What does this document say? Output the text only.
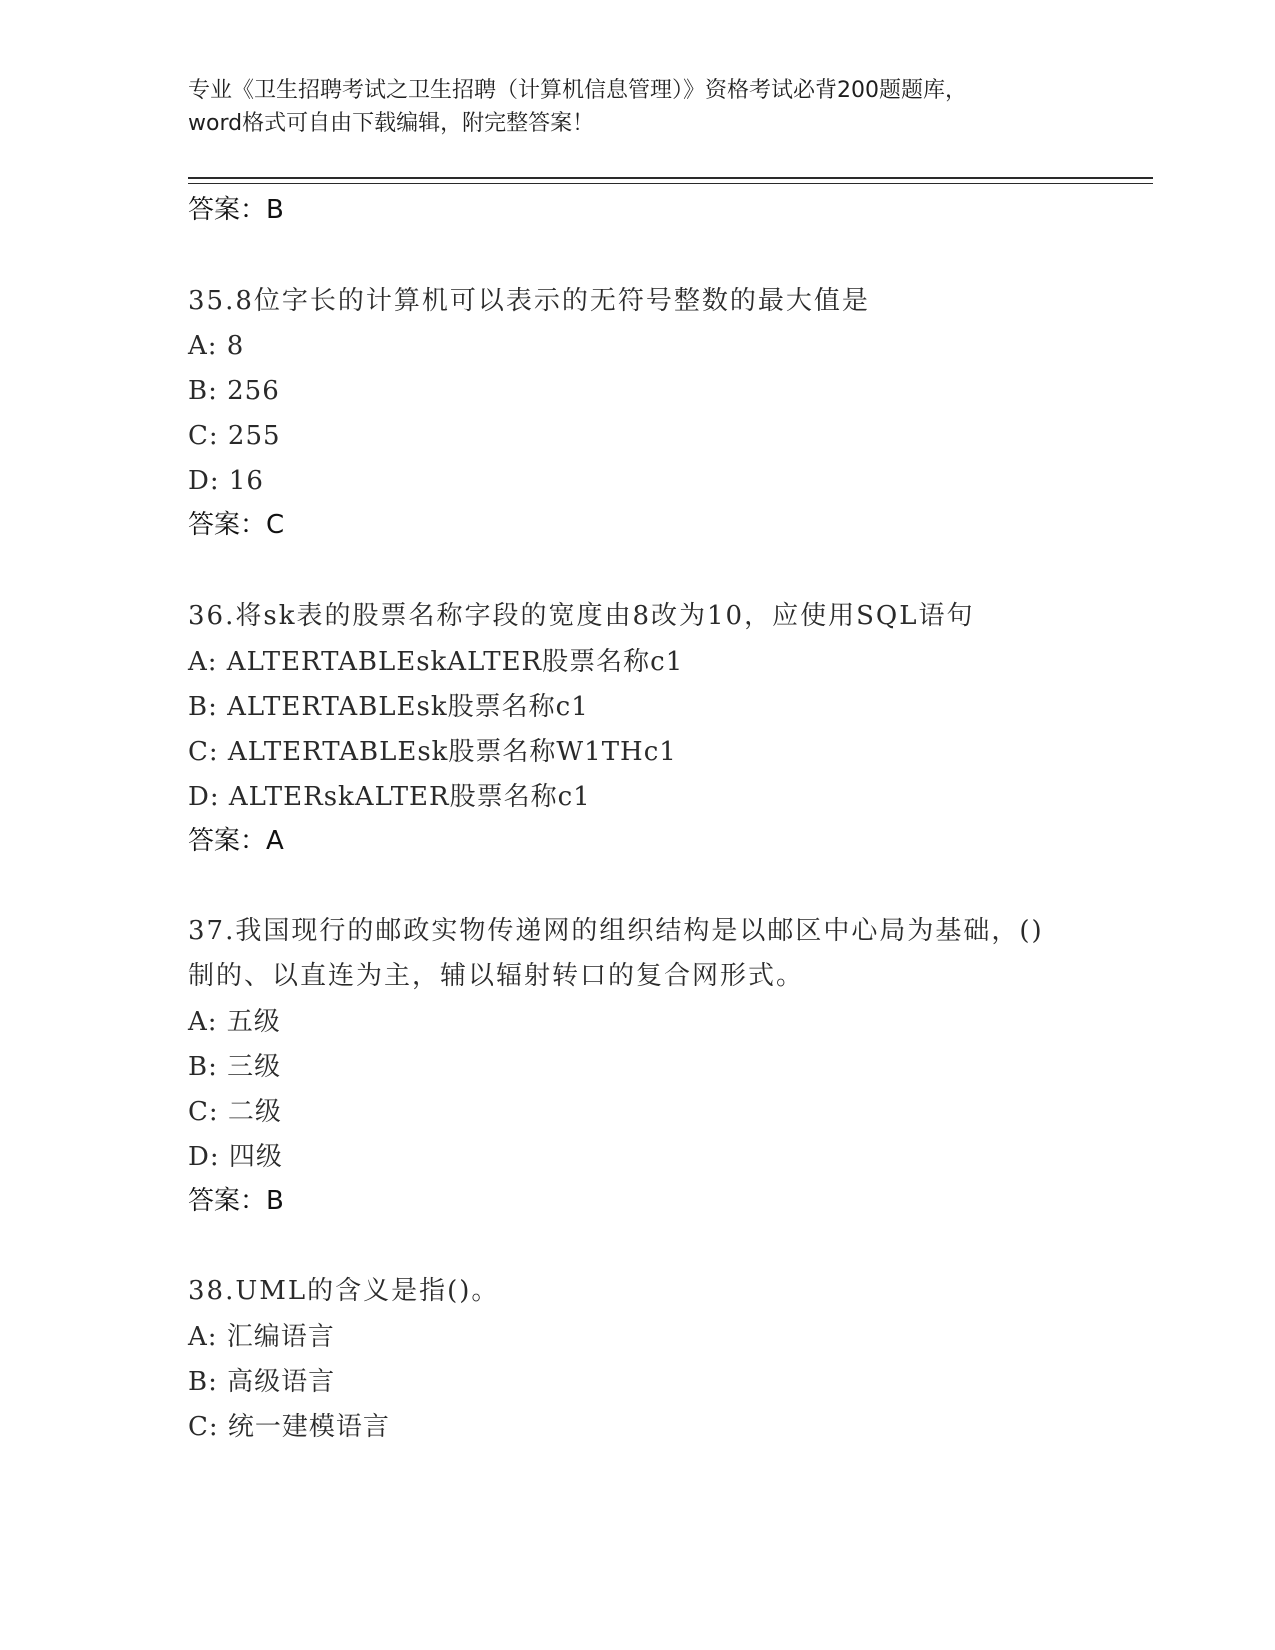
专业《卫生招聘考试之卫生招聘（计算机信息管理）》资格考试必背200题题库，
word格式可自由下载编辑，附完整答案！
答案：B
35.8位字长的计算机可以表示的无符号整数的最大值是
A: 8
B: 256
C: 255
D: 16
答案：C
36.将sk表的股票名称字段的宽度由8改为10，应使用SQL语句
A: ALTERTABLEskALTER股票名称c1
B: ALTERTABLEsk股票名称c1
C: ALTERTABLEsk股票名称W1THc1
D: ALTERskALTER股票名称c1
答案：A
37.我国现行的邮政实物传递网的组织结构是以邮区中心局为基础，()
制的、以直连为主，辅以辐射转口的复合网形式。
A: 五级
B: 三级
C: 二级
D: 四级
答案：B
38.UML的含义是指()。
A: 汇编语言
B: 高级语言
C: 统一建模语言
